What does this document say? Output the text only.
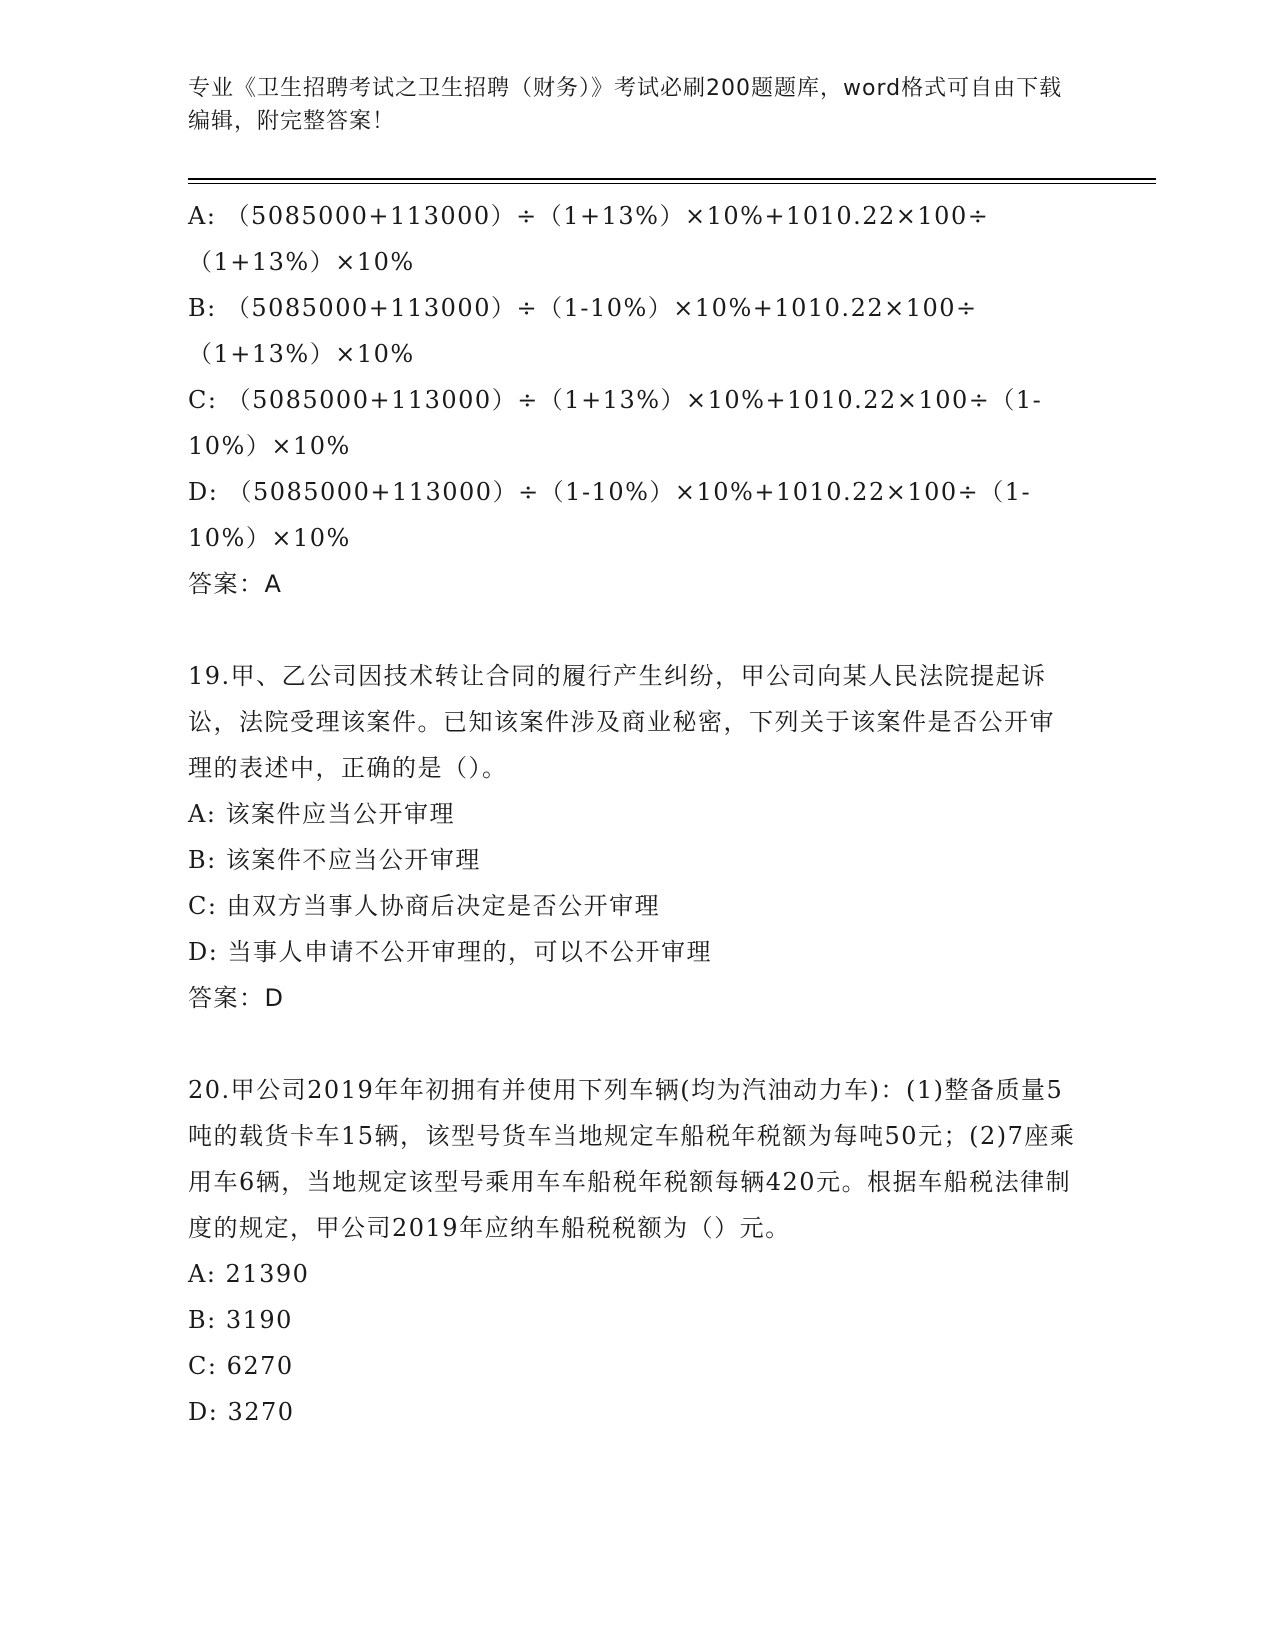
专业《卫生招聘考试之卫生招聘（财务）》考试必刷200题题库，word格式可自由下载编辑，附完整答案！

A: （5085000+113000）÷（1+13%）×10%+1010.22×100÷（1+13%）×10%

B: （5085000+113000）÷（1-10%）×10%+1010.22×100÷（1+13%）×10%

C: （5085000+113000）÷（1+13%）×10%+1010.22×100÷（1-10%）×10%

D: （5085000+113000）÷（1-10%）×10%+1010.22×100÷（1-10%）×10%

答案：A

19.甲、乙公司因技术转让合同的履行产生纠纷，甲公司向某人民法院提起诉讼，法院受理该案件。已知该案件涉及商业秘密，下列关于该案件是否公开审理的表述中，正确的是（）。

A: 该案件应当公开审理

B: 该案件不应当公开审理

C: 由双方当事人协商后决定是否公开审理

D: 当事人申请不公开审理的，可以不公开审理

答案：D

20.甲公司2019年年初拥有并使用下列车辆(均为汽油动力车)：(1)整备质量5吨的载货卡车15辆，该型号货车当地规定车船税年税额为每吨50元；(2)7座乘用车6辆，当地规定该型号乘用车车船税年税额每辆420元。根据车船税法律制度的规定，甲公司2019年应纳车船税税额为（）元。

A: 21390

B: 3190

C: 6270

D: 3270
